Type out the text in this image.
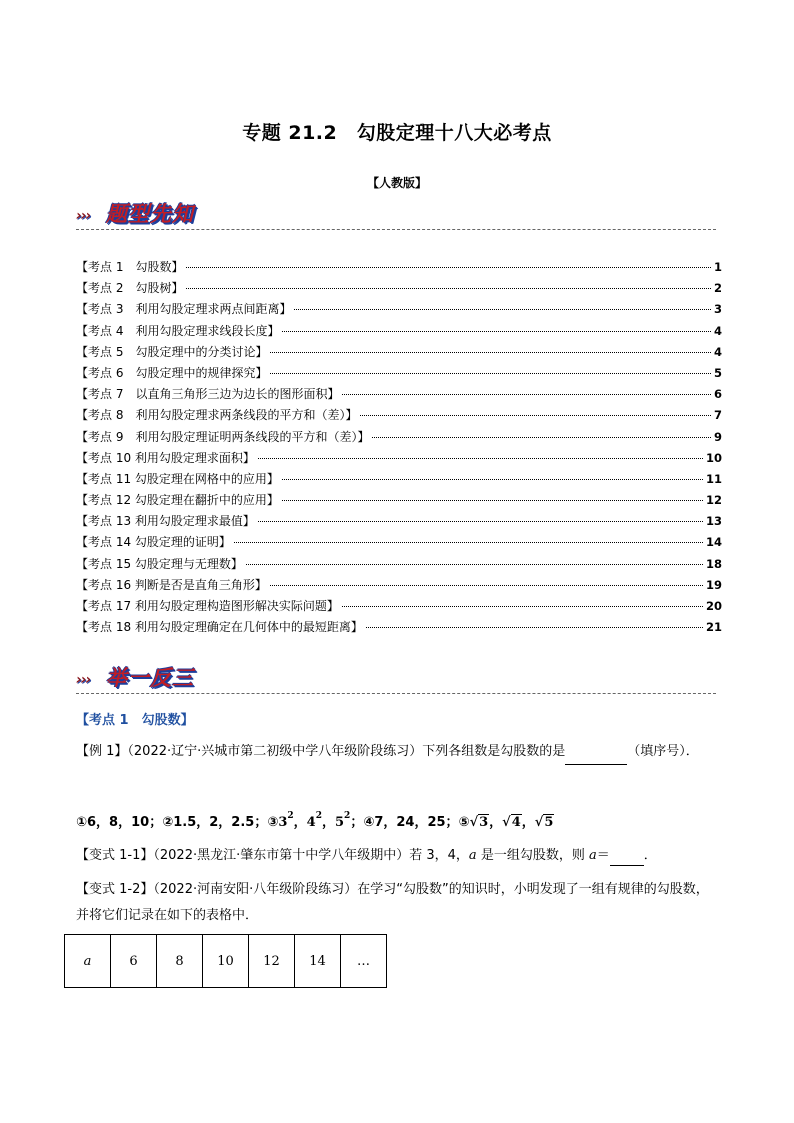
专题 21.2　勾股定理十八大必考点
【人教版】
››› 题型先知
【考点 1　勾股数】	1
【考点 2　勾股树】	2
【考点 3　利用勾股定理求两点间距离】	3
【考点 4　利用勾股定理求线段长度】	4
【考点 5　勾股定理中的分类讨论】	4
【考点 6　勾股定理中的规律探究】	5
【考点 7　以直角三角形三边为边长的图形面积】	6
【考点 8　利用勾股定理求两条线段的平方和（差）】	7
【考点 9　利用勾股定理证明两条线段的平方和（差）】	9
【考点 10 利用勾股定理求面积】	10
【考点 11 勾股定理在网格中的应用】	11
【考点 12 勾股定理在翻折中的应用】	12
【考点 13 利用勾股定理求最值】	13
【考点 14 勾股定理的证明】	14
【考点 15 勾股定理与无理数】	18
【考点 16 判断是否是直角三角形】	19
【考点 17 利用勾股定理构造图形解决实际问题】	20
【考点 18 利用勾股定理确定在几何体中的最短距离】	21
››› 举一反三
【考点 1　勾股数】
【例 1】（2022·辽宁·兴城市第二初级中学八年级阶段练习）下列各组数是勾股数的是	（填序号）．
①6，8，10；②1.5，2，2.5；$③3^2$，$4^2$，$5^2$；④7，24，25；⑤√3，√4，√5
【变式 1-1】（2022·黑龙江·肇东市第十中学八年级期中）若 3，4，a 是一组勾股数，则 a＝	．
【变式 1-2】（2022·河南安阳·八年级阶段练习）在学习“勾股数”的知识时，小明发现了一组有规律的勾股数，并将它们记录在如下的表格中．
a	6	8	10	12	14	…
